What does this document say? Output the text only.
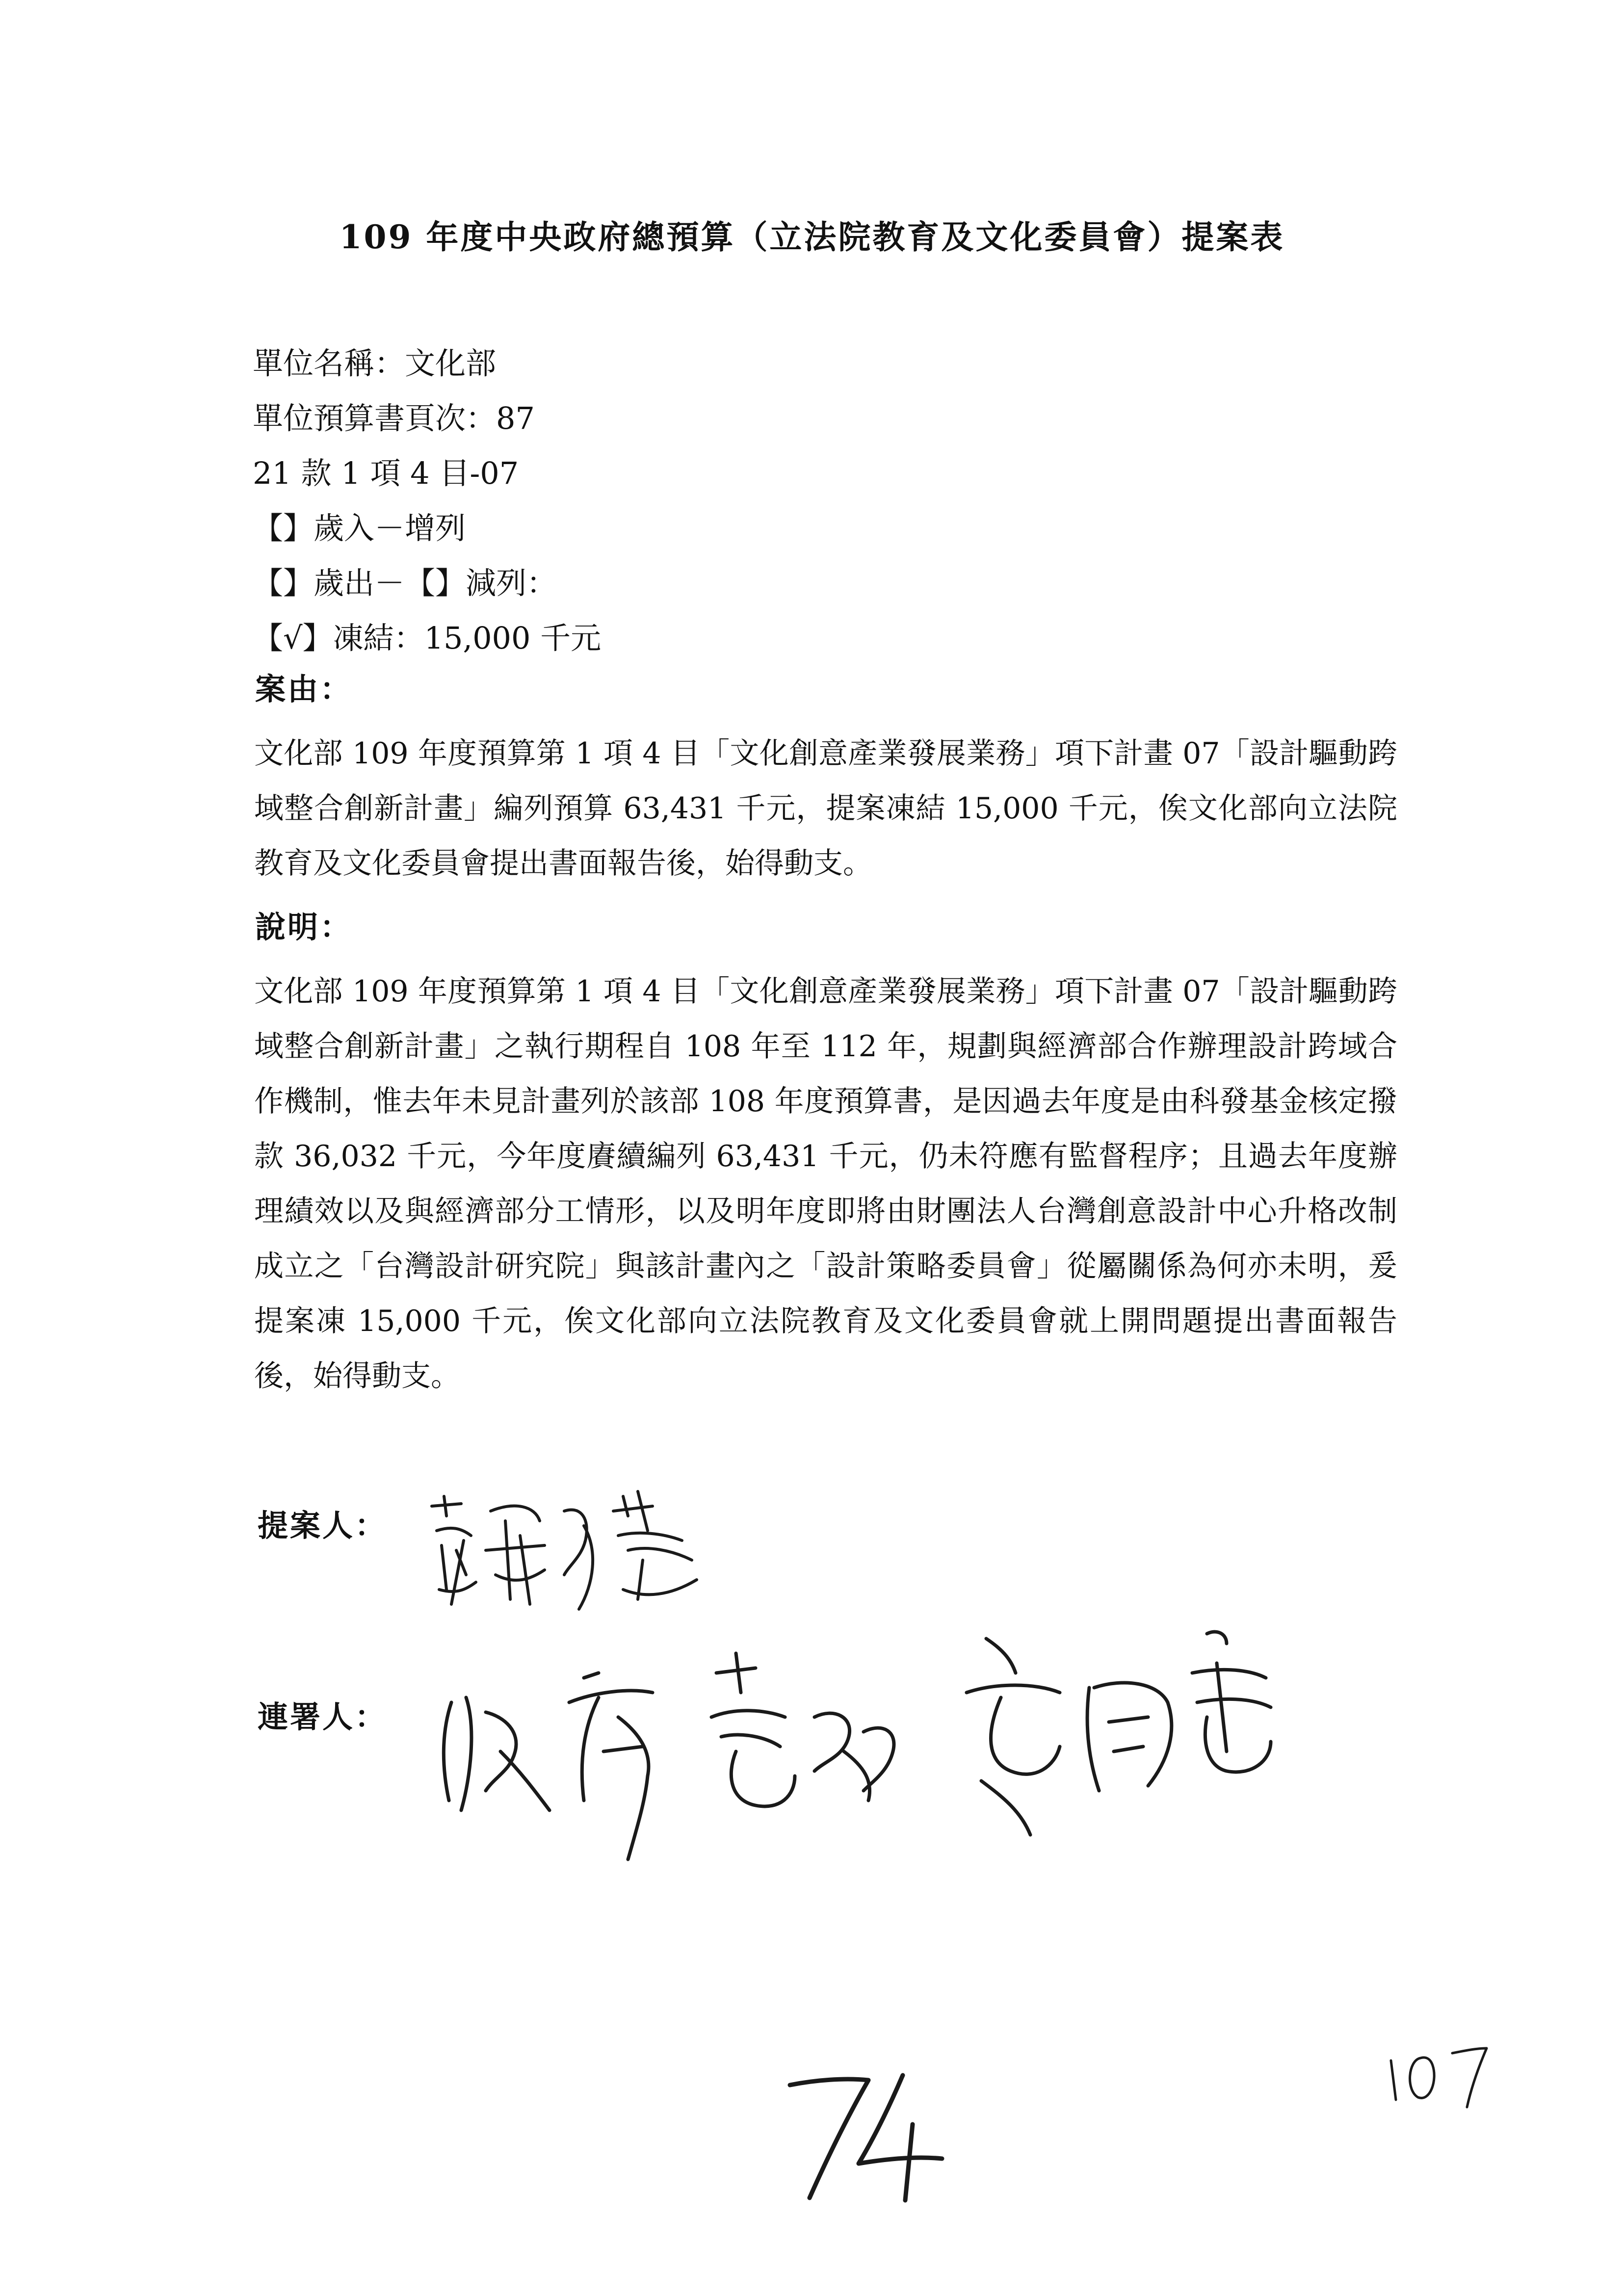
109 年度中央政府總預算（立法院教育及文化委員會）提案表
單位名稱：文化部
單位預算書頁次：87
21 款 1 項 4 目-07
【】歲入－增列
【】歲出－【】減列：
【√】凍結：15,000 千元
案由：
文化部 109 年度預算第 1 項 4 目「文化創意產業發展業務」項下計畫 07「設計驅動跨域整合創新計畫」編列預算 63,431 千元，提案凍結 15,000 千元，俟文化部向立法院教育及文化委員會提出書面報告後，始得動支。
說明：
文化部 109 年度預算第 1 項 4 目「文化創意產業發展業務」項下計畫 07「設計驅動跨域整合創新計畫」之執行期程自 108 年至 112 年，規劃與經濟部合作辦理設計跨域合作機制，惟去年未見計畫列於該部 108 年度預算書，是因過去年度是由科發基金核定撥款 36,032 千元，今年度賡續編列 63,431 千元，仍未符應有監督程序；且過去年度辦理績效以及與經濟部分工情形，以及明年度即將由財團法人台灣創意設計中心升格改制成立之「台灣設計研究院」與該計畫內之「設計策略委員會」從屬關係為何亦未明，爰提案凍 15,000 千元，俟文化部向立法院教育及文化委員會就上開問題提出書面報告後，始得動支。
提案人：
連署人：
